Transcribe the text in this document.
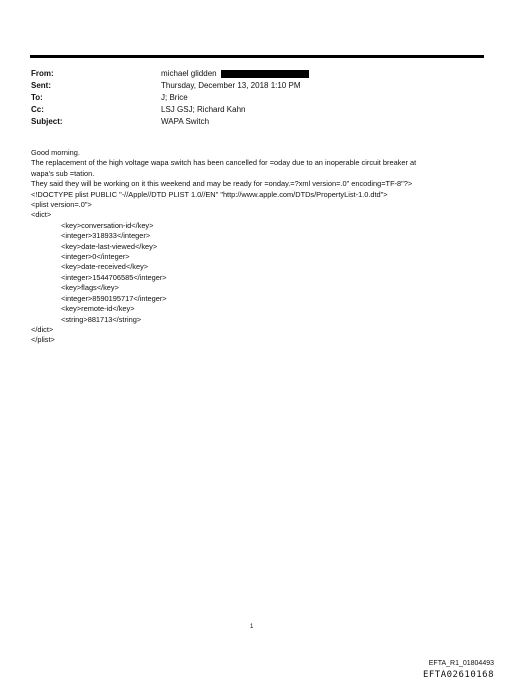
From:	michael glidden
Sent:	Thursday, December 13, 2018 1:10 PM
To:	J; Brice
Cc:	LSJ GSJ; Richard Kahn
Subject:	WAPA Switch
Good morning.
The replacement of the high voltage wapa switch has been cancelled for =oday due to an inoperable circuit breaker at
wapa's sub =tation.
They said they will be working on it this weekend and may be ready for =onday.=?xml version=.0" encoding=TF-8"?>
<!DOCTYPE plist PUBLIC "-//Apple//DTD PLIST 1.0//EN" "http://www.apple.com/DTDs/PropertyList-1.0.dtd">
<plist version=.0">
<dict>
<key>conversation-id</key>
<integer>318933</integer>
<key>date-last-viewed</key>
<integer>0</integer>
<key>date-received</key>
<integer>1544706585</integer>
<key>flags</key>
<integer>8590195717</integer>
<key>remote-id</key>
<string>881713</string>
</dict>
</plist>
1
EFTA_R1_01804493
EFTA02610168
